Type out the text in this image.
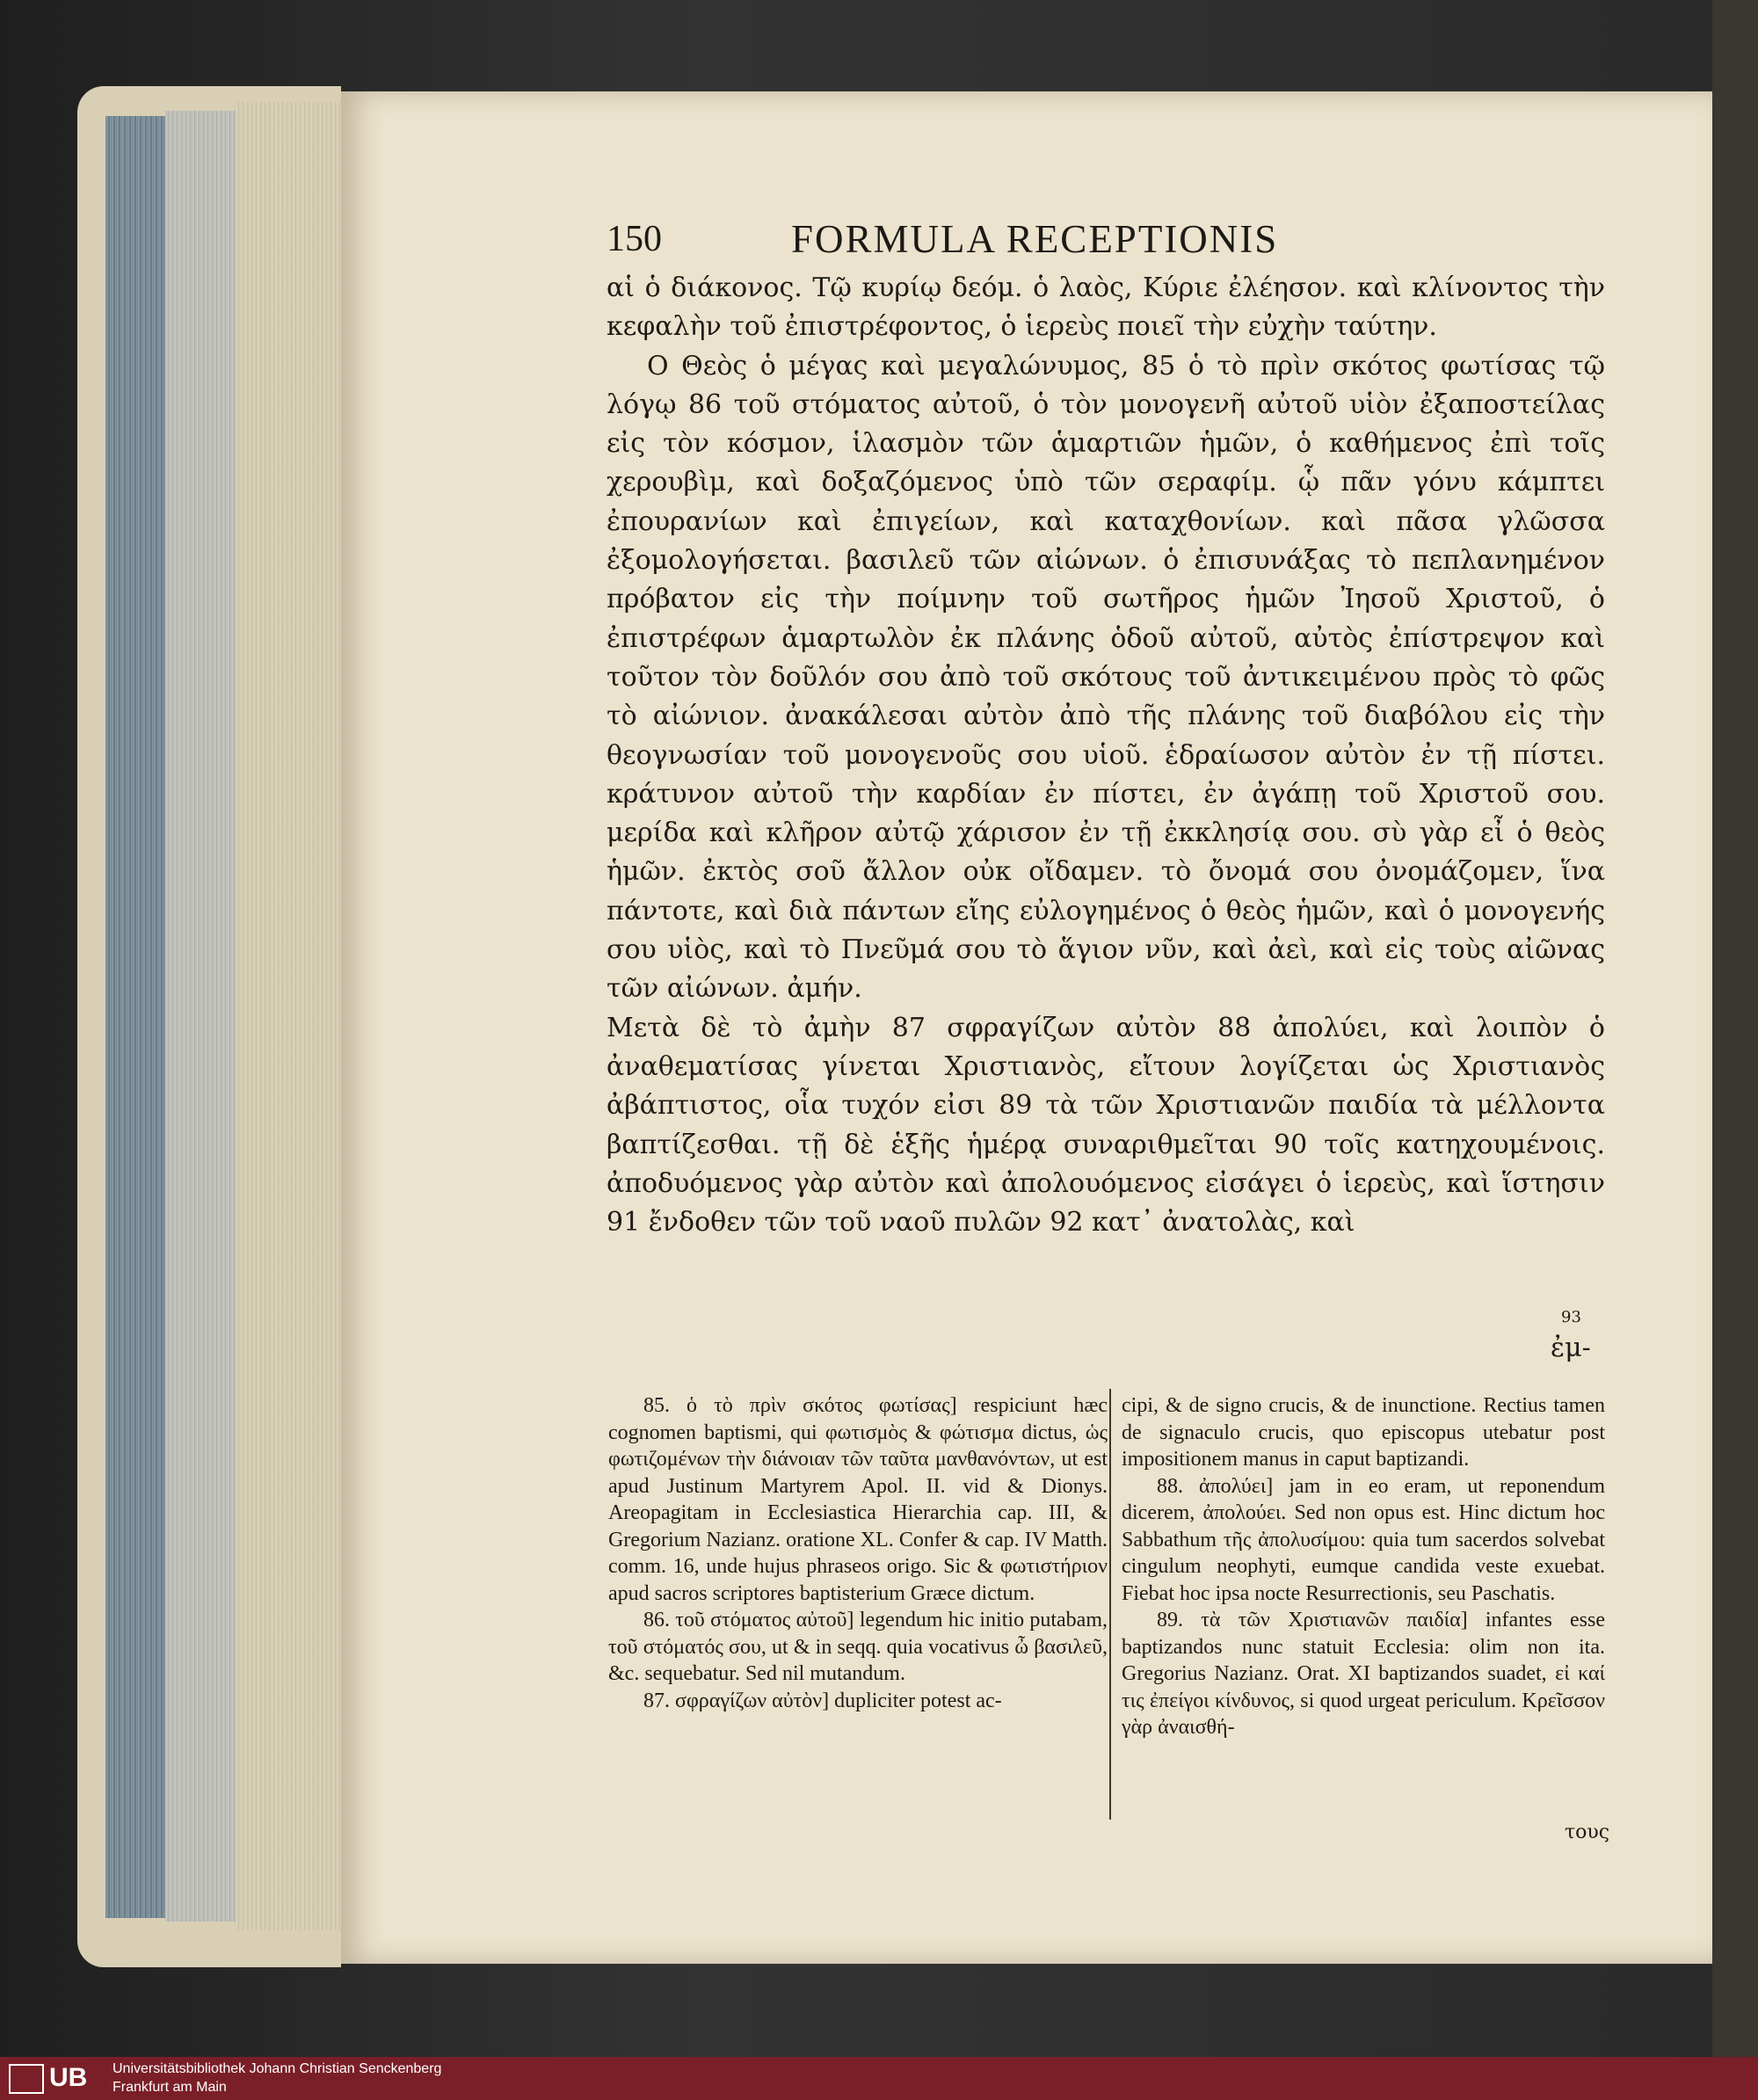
150	FORMULA RECEPTIONIS

αἱ ὁ διάκονος. Τῷ κυρίῳ δεόμ. ὁ λαὸς, Κύριε ἐλέησον. καὶ κλίνοντος τὴν κεφαλὴν τοῦ ἐπιστρέφοντος, ὁ ἱερεὺς ποιεῖ τὴν εὐχὴν ταύτην.

Ο Θεὸς ὁ μέγας καὶ μεγαλώνυμος, 85 ὁ τὸ πρὶν σκότος φωτίσας τῷ λόγῳ 86 τοῦ στόματος αὐτοῦ, ὁ τὸν μονογενῆ αὐτοῦ υἱὸν ἐξαποστείλας εἰς τὸν κόσμον, ἱλασμὸν τῶν ἁμαρτιῶν ἡμῶν, ὁ καθήμενος ἐπὶ τοῖς χερουβὶμ, καὶ δοξαζόμενος ὑπὸ τῶν σεραφίμ. ᾧ πᾶν γόνυ κάμπτει ἐπουρανίων καὶ ἐπιγείων, καὶ καταχθονίων. καὶ πᾶσα γλῶσσα ἐξομολογήσεται. βασιλεῦ τῶν αἰώνων. ὁ ἐπισυνάξας τὸ πεπλανημένον πρόβατον εἰς τὴν ποίμνην τοῦ σωτῆρος ἡμῶν Ἰησοῦ Χριστοῦ, ὁ ἐπιστρέφων ἁμαρτωλὸν ἐκ πλάνης ὁδοῦ αὐτοῦ, αὐτὸς ἐπίστρεψον καὶ τοῦτον τὸν δοῦλόν σου ἀπὸ τοῦ σκότους τοῦ ἀντικειμένου πρὸς τὸ φῶς τὸ αἰώνιον. ἀνακάλεσαι αὐτὸν ἀπὸ τῆς πλάνης τοῦ διαβόλου εἰς τὴν θεογνωσίαν τοῦ μονογενοῦς σου υἱοῦ. ἑδραίωσον αὐτὸν ἐν τῇ πίστει. κράτυνον αὐτοῦ τὴν καρδίαν ἐν πίστει, ἐν ἀγάπῃ τοῦ Χριστοῦ σου. μερίδα καὶ κλῆρον αὐτῷ χάρισον ἐν τῇ ἐκκλησίᾳ σου. σὺ γὰρ εἶ ὁ θεὸς ἡμῶν. ἐκτὸς σοῦ ἄλλον οὐκ οἴδαμεν. τὸ ὄνομά σου ὀνομάζομεν, ἵνα πάντοτε, καὶ διὰ πάντων εἴης εὐλογημένος ὁ θεὸς ἡμῶν, καὶ ὁ μονογενής σου υἱὸς, καὶ τὸ Πνεῦμά σου τὸ ἅγιον νῦν, καὶ ἀεὶ, καὶ εἰς τοὺς αἰῶνας τῶν αἰώνων. ἀμήν.

Μετὰ δὲ τὸ ἀμὴν 87 σφραγίζων αὐτὸν 88 ἀπολύει, καὶ λοιπὸν ὁ ἀναθεματίσας γίνεται Χριστιανὸς, εἴτουν λογίζεται ὡς Χριστιανὸς ἀβάπτιστος, οἷα τυχόν εἰσι 89 τὰ τῶν Χριστιανῶν παιδία τὰ μέλλοντα βαπτίζεσθαι. τῇ δὲ ἑξῆς ἡμέρᾳ συναριθμεῖται 90 τοῖς κατηχουμένοις. ἀποδυόμενος γὰρ αὐτὸν καὶ ἀπολουόμενος εἰσάγει ὁ ἱερεὺς, καὶ ἵστησιν 91 ἔνδοθεν τῶν τοῦ ναοῦ πυλῶν 92 κατ᾽ ἀνατολὰς, καὶ

93
ἐμ-

85. ὁ τὸ πρὶν σκότος φωτίσας] respiciunt hæc cognomen baptismi, qui φωτισμὸς & φώτισμα dictus, ὡς φωτιζομένων τὴν διάνοιαν τῶν ταῦτα μανθανόντων, ut est apud Justinum Martyrem Apol. II. vid & Dionys. Areopagitam in Ecclesiastica Hierarchia cap. III, & Gregorium Nazianz. oratione XL. Confer & cap. IV Matth. comm. 16, unde hujus phraseos origo. Sic & φωτιστήριον apud sacros scriptores baptisterium Græce dictum.

86. τοῦ στόματος αὐτοῦ] legendum hic initio putabam, τοῦ στόματός σου, ut & in seqq. quia vocativus ὦ βασιλεῦ, &c. sequebatur. Sed nil mutandum.

87. σφραγίζων αὐτὸν] dupliciter potest ac-

cipi, & de signo crucis, & de inunctione. Rectius tamen de signaculo crucis, quo episcopus utebatur post impositionem manus in caput baptizandi.

88. ἀπολύει] jam in eo eram, ut reponendum dicerem, ἀπολούει. Sed non opus est. Hinc dictum hoc Sabbathum τῆς ἀπολυσίμου: quia tum sacerdos solvebat cingulum neophyti, eumque candida veste exuebat. Fiebat hoc ipsa nocte Resurrectionis, seu Paschatis.

89. τὰ τῶν Χριστιανῶν παιδία] infantes esse baptizandos nunc statuit Ecclesia: olim non ita. Gregorius Nazianz. Orat. XI baptizandos suadet, εἰ καί τις ἐπείγοι κίνδυνος, si quod urgeat periculum. Κρεῖσσον γὰρ ἀναισθή-

τους
UB	Universitätsbibliothek Johann Christian Senckenberg
Frankfurt am Main
